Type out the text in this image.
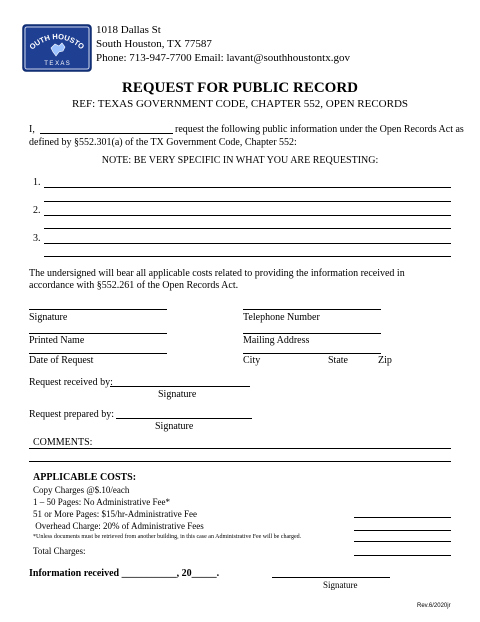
OUTH HOUSTO
T E X A S
1018 Dallas St
South Houston, TX 77587
Phone: 713-947-7700 Email: lavant@southhoustontx.gov
REQUEST FOR PUBLIC RECORD
REF: TEXAS GOVERNMENT CODE, CHAPTER 552, OPEN RECORDS
I,	request the following public information under the Open Records Act as
defined by §552.301(a) of the TX Government Code, Chapter 552:
NOTE: BE VERY SPECIFIC IN WHAT YOU ARE REQUESTING:
1.
2.
3.
The undersigned will bear all applicable costs related to providing the information received in
accordance with §552.261 of the Open Records Act.
Signature	Telephone Number
Printed Name	Mailing Address
Date of Request	City	State	Zip
Request received by:
Signature
Request prepared by:
Signature
COMMENTS:
APPLICABLE COSTS:
Copy Charges @$.10/each
1 – 50 Pages: No Administrative Fee*
51 or More Pages: $15/hr-Administrative Fee
Overhead Charge: 20% of Administrative Fees
*Unless documents must be retrieved from another building, in this case an Administrative Fee will be charged.
Total Charges:
Information received ___________, 20_____.
Signature
Rev.6/2020jr
